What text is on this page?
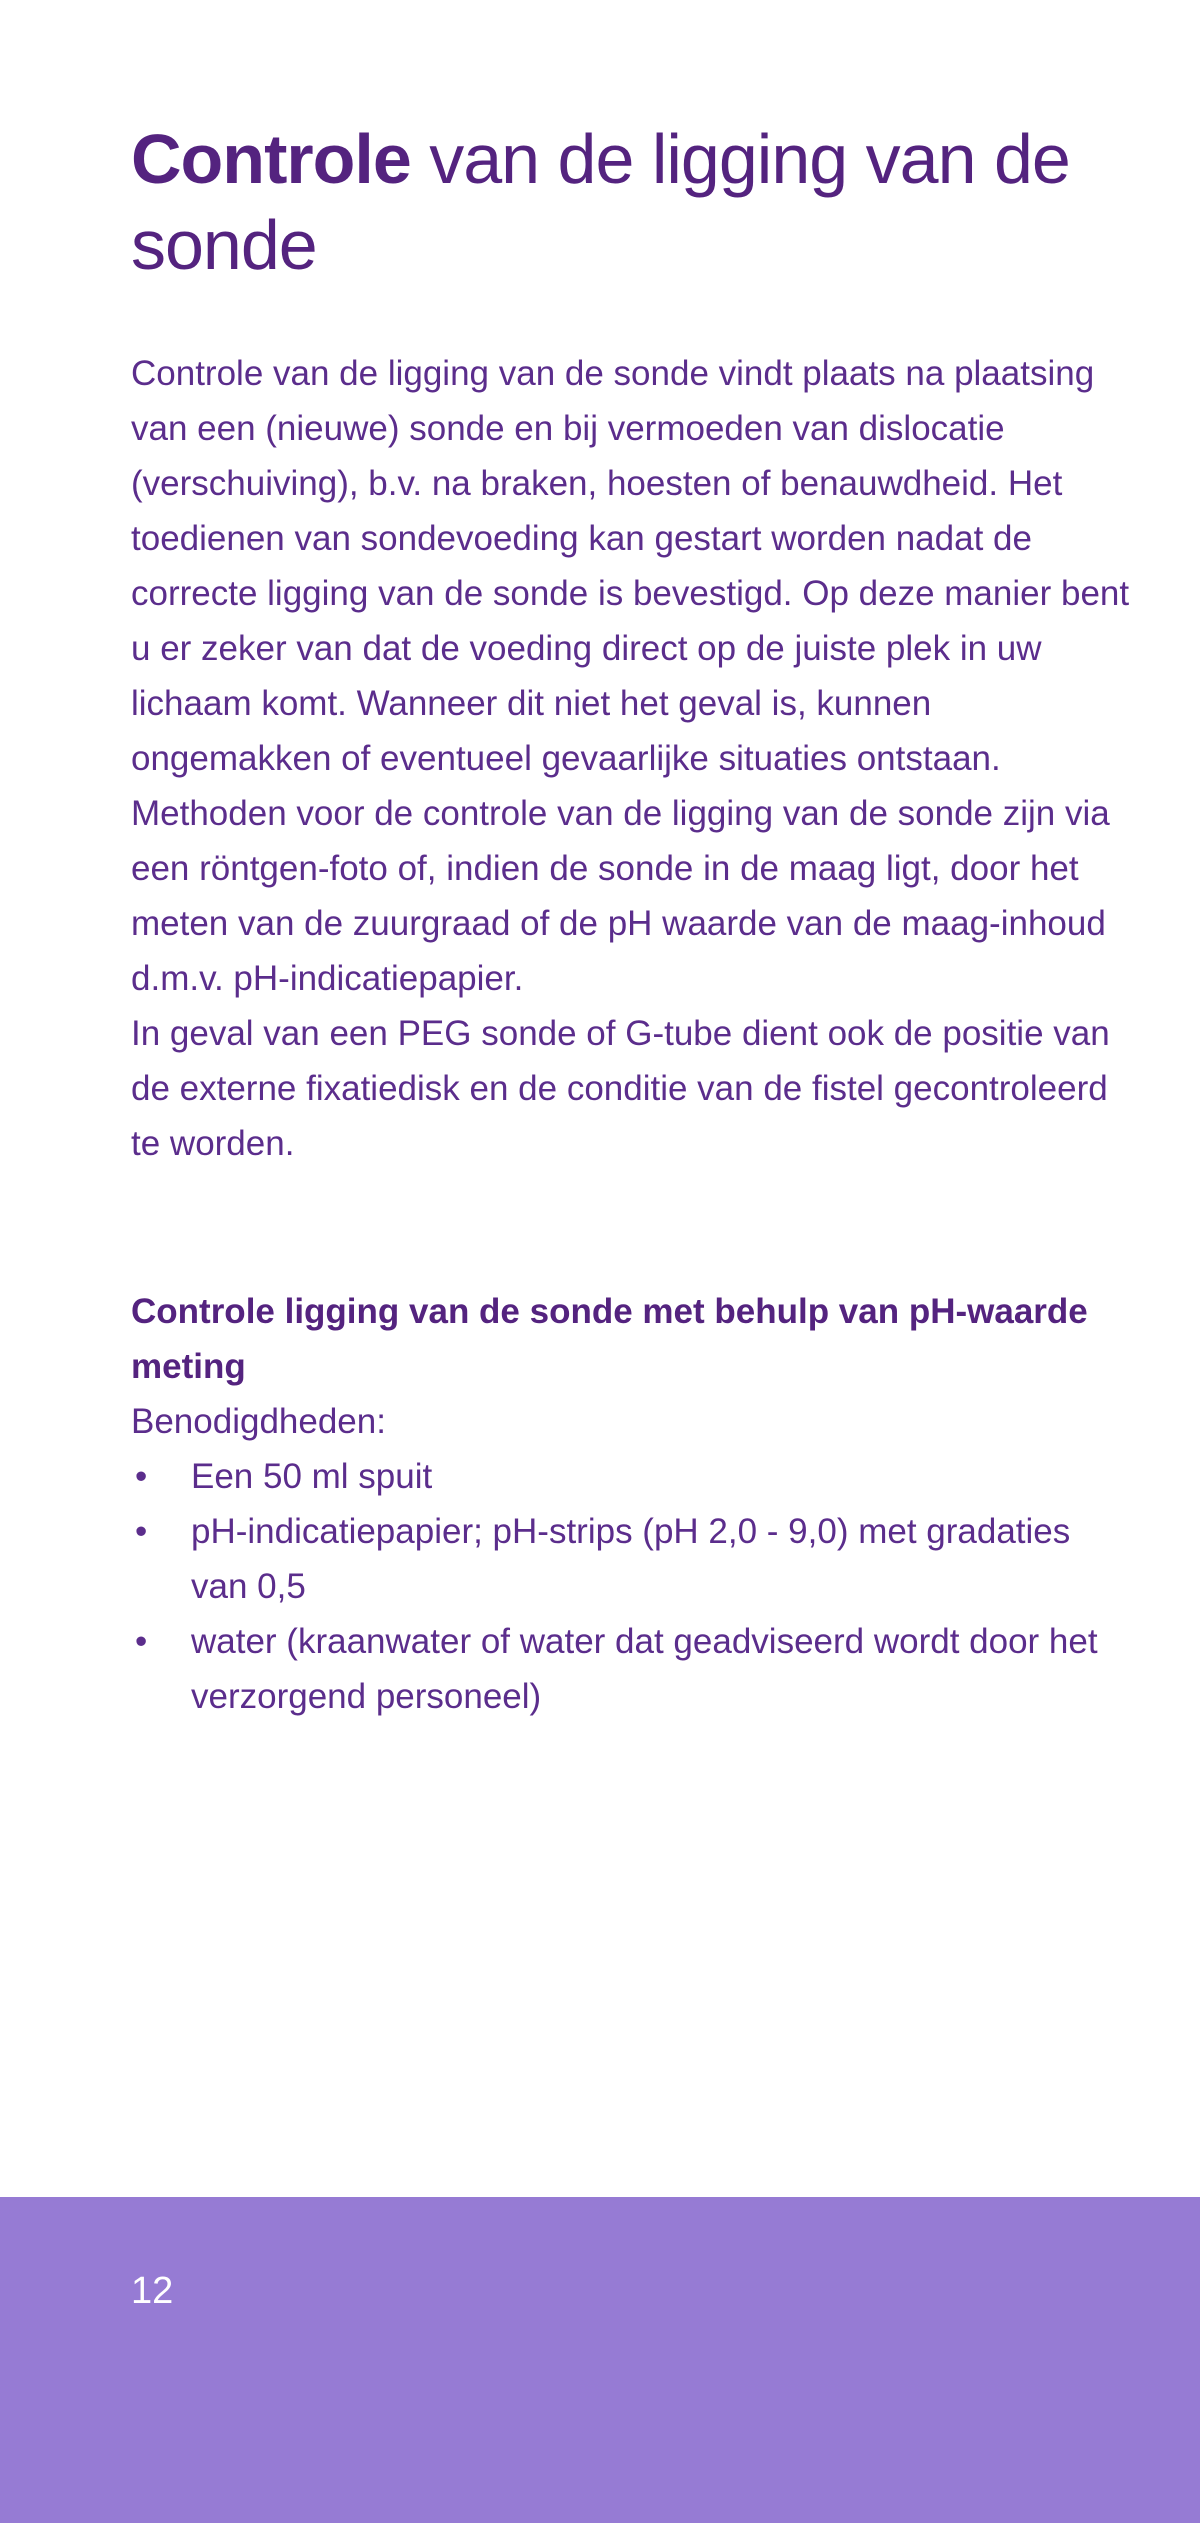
Controle van de ligging van de sonde

Controle van de ligging van de sonde vindt plaats na plaatsing van een (nieuwe) sonde en bij vermoeden van dislocatie (verschuiving), b.v. na braken, hoesten of benauwdheid. Het toedienen van sondevoeding kan gestart worden nadat de correcte ligging van de sonde is bevestigd. Op deze manier bent u er zeker van dat de voeding direct op de juiste plek in uw lichaam komt. Wanneer dit niet het geval is, kunnen ongemakken of eventueel gevaarlijke situaties ontstaan. Methoden voor de controle van de ligging van de sonde zijn via een röntgen-foto of, indien de sonde in de maag ligt, door het meten van de zuurgraad of de pH waarde van de maag-inhoud d.m.v. pH-indicatiepapier.

In geval van een PEG sonde of G-tube dient ook de positie van de externe fixatiedisk en de conditie van de fistel gecontroleerd te worden.

Controle ligging van de sonde met behulp van pH-waarde meting

Benodigdheden:

• Een 50 ml spuit
• pH-indicatiepapier; pH-strips (pH 2,0 - 9,0) met gradaties van 0,5
• water (kraanwater of water dat geadviseerd wordt door het verzorgend personeel)
12
